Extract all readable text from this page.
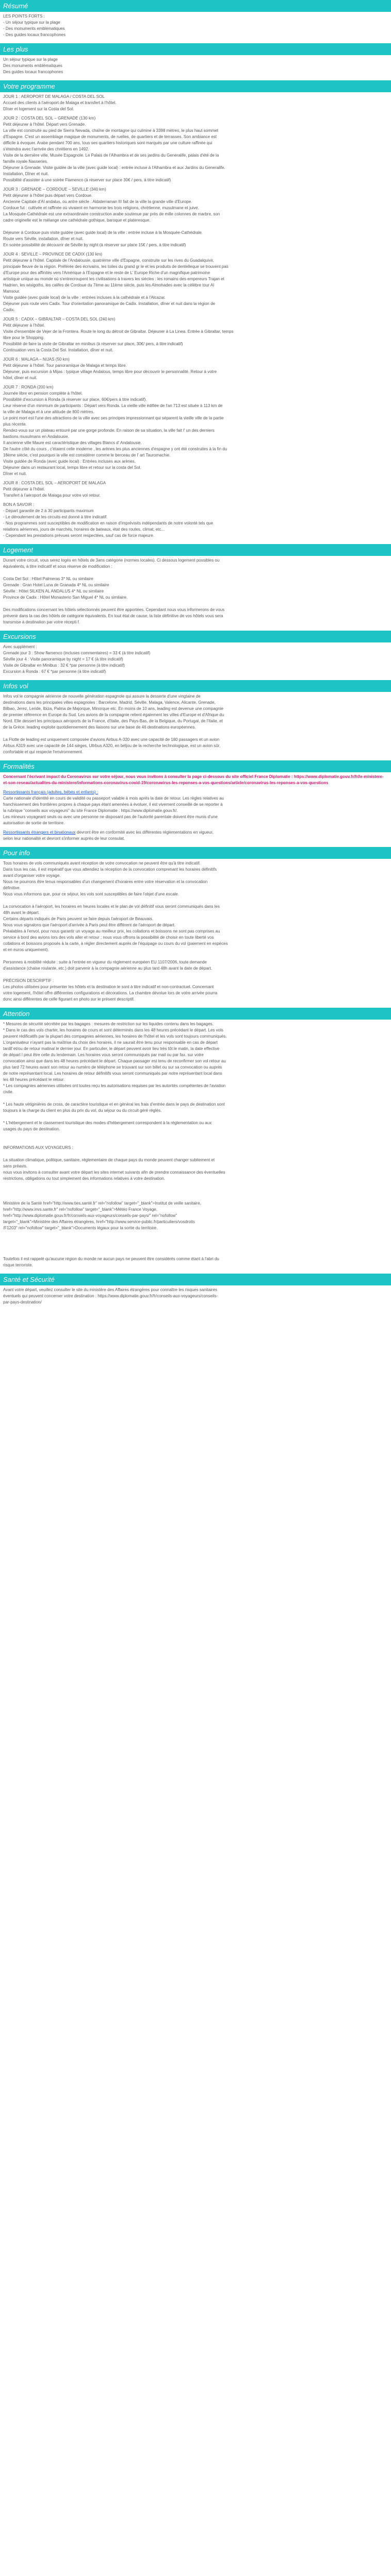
Résumé
LES POINTS FORTS :
- Un séjour typique sur la plage
- Des monuments emblématiques
- Des guides locaux francophones
Les plus
Un séjour typique sur la plage
Des monuments emblématiques
Des guides locaux francophones
Votre programme

JOUR 1 : AEROPORT DE MALAGA / COSTA DEL SOL
Accueil des clients à l'aéroport de Malaga et transfert à l'hôtel.
Dîner et logement sur la Costa del Sol.

JOUR 2 : COSTA DEL SOL – GRENADE (130 km)
Petit déjeuner à l'hôtel. Départ vers Grenade.
La ville est construite au pied de Sierra Nevada, chaîne de montagne qui culmine à 3398 mètres, le plus haut sommet
d'Espagne. C'est un assemblage magique de monuments, de ruelles, de quartiers et de terrasses. Son ambiance est
difficile à évoquer. Arabe pendant 700 ans, tous ses quartiers historiques sont marqués par une culture raffinée qui
s'éteindra avec l'arrivée des chrétiens en 1492.
Visite de la dernière ville, Musée Espagnole. Le Palais de l'Alhambra et de ses jardins du Generalife, palais d'été de la
famille royale Nasseries.
Déjeuner à Grenade. Visite guidée de la ville (avec guide local) : entrée incluse à l'Alhambra et aux Jardins du Generalife.
Installation, Dîner et nuit.
Possibilité d'assister à une soirée Flamenco (à réserver sur place 30€ / pers, à titre indicatif)

JOUR 3 : GRENADE – CORDOUE – SEVILLE (340 km)
Petit déjeuner à l'hôtel puis départ vers Cordoue.
Ancienne Capitale d'Al andalus, ou antre siècle : Aldaterraman III fait de la ville la grande ville d'Europe.
Cordoue fut : cultivée et raffinée où vivaient en harmonie les trois religions, chrétienne, musulmane et juive.
La Mosquée-Cathédrale est une extraordinaire construction arabe soutenue par près de mille colonnes de marbre, son
cadre originelle est le mélange une cathédrale gothique, baroque et plateresque.

Déjeuner à Cordoue puis visite guidée (avec guide local) de la ville : entrée incluse à la Mosquée-Cathédrale.
Route vers Séville, installation, dîner et nuit.
En soirée possibilité de découvrir de Séville by night (à réserver sur place 15€ / pers, à titre indicatif)

JOUR 4 : SEVILLE – PROVINCE DE CADIX (130 km)
Petit déjeuner à l'hôtel. Capitale de l'Andalousie, quatrième ville d'Espagne, construite sur les rives du Guadalquivir,
principale fleuve de la région. Préférée des écrivains, les toiles du grand gr le et les produits de dentelleque se trouvent pas
d'Europe pour des affinités vers l'Amérique à l'Espagne et le reste de L' Europe Riche d'un magnifique patrimoine
artistique unique au monde où s'entrecroupent les civilisations à travers les siècles : les romains des empereurs Trajan et
Hadrien, les wisigoths, les califes de Cordoue du 7ème au 11ème siècle, puis les Almohades avec la célèbre tour Al
Mansour.
Visite guidée (avec guide local) de la ville : entrées incluses à la cathédrale et à l'Alcazar.
Déjeuner puis route vers Cadix. Tour d'orientation panoramique de Cadix. Installation, dîner et nuit dans la région de
Cadix.

JOUR 5 : CADIX – GIBRALTAR – COSTA DEL SOL (240 km)
Petit déjeuner à l'hôtel.
Visite d'ensemble de Vejer de la Frontera. Route le long du détroit de Gibraltar. Déjeuner à La Linea. Entrée à Gibraltar, temps
libre pour le Shopping.
Possibilité de faire la visite de Gibraltar en minibus (à réserver sur place, 30€/ pers, à titre indicatif)
Continuation vers la Costa Del Sol. Installation, dîner et nuit.

JOUR 6 : MALAGA – NIJAS (50 km)
Petit déjeuner à l'hôtel. Tour panoramique de Malaga et temps libre.
Déjeuner, puis excursion à Mijas : typique village Andalous, temps libre pour découvrir le personnalité. Retour à votre
hôtel, dîner et nuit.

JOUR 7 : RONDA (200 km)
Journée libre en pension complète à l'hôtel.
Possibilité d'excursion à Ronda (à réserver sur place, 60€/pers à titre indicatif).
Leur réserve d'un minimum de participants : Départ vers Ronda. La vieille ville édifiée de l'an 713 est située à 113 km de
la ville de Malaga et à une altitude de 800 mètres.
Le point mort est l'une des attractions de la ville avec ses principes impressionnant qui séparent la vieille ville de la partie
plus récente.
Rendez-vous sur un plateau entouré par une gorge profonde. En raison de sa situation, la ville fait l' un des derniers
bastions musulmans en Andalousie.
Il ancienne ville Maure est caractéristique des villages Blancs d' Andalousie.
De l'autre côté du cours , c'étaient celle moderne , les arènes les plus anciennes d'espagne y ont été construites à la fin du
18ème siècle, c'est pourquoi la ville est considérer comme le berceau de l' art Tauromachie.
Visite guidée de Ronda (avec guide local) : Entrées incluses aux arènes.
Déjeuner dans un restaurant local, temps libre et retour sur la costa del Sol.
Dîner et nuit.

JOUR 8 : COSTA DEL SOL – AEROPORT DE MALAGA
Petit déjeuner à l'hôtel.
Transfert à l'aéroport de Malaga pour votre vol retour.

BON A SAVOIR :
- Départ garantie de 2 à 30 participants maximum
- Le déroulement de les circuits est donné à titre indicatif.
- Nos programmes sont susceptibles de modification en raison d'imprévisits indépendants de notre volonté tels que
relations aériennes, jours de marchés, horaires de bateaux, état des routes, climat, etc...
- Cependant les prestations prévues seront respectées, sauf cas de force majeure.

Logement
Durant votre circuit, vous serez logés en hôtels de 3ans catégorie (normes locales). Ci dessous logement possibles ou
équivalents, à titre indicatif et sous réserve de modification :

Costa Del Sol : Hôtel Palmeras 3* NL ou similaire
Grenade : Gran Hotel Luna de Granada 4* NL ou similaire
Séville : Hôtel SILKEN AL ANDALUS 4* NL ou similaire
Province de Cadix : Hôtel Monasterio San Miguel 4* NL ou similaire.

Des modifications concernant les hôtels sélectionnés peuvent être apportées. Cependant nous vous informerons de vous
prévenir dans la cas des hôtels de catégorie équivalents. En tout état de cause, la liste définitive de vos hôtels vous sera
transmise à destination par votre récepti f.
Excursions
Avec supplément :
Grenade jour 3 : Show flamenco (incluses commentaires) = 33 € (à titre indicatif)
Séville jour 4 : Visite panoramique by night = 17 € (à titre indicatif)
Visite de Gibraltar en Minibus : 32 € *par personne (à titre indicatif)
Excursion à Ronda : 67 € *par personne (à titre indicatif)
Infos vol
Infos vol le compagnie aérienne de nouvelle génération espagnole qui assure la desserte d'une vingtaine de
destinations dans les principales villes espagnoles : Barcelone, Madrid, Séville, Malaga, Valence, Alicante, Grenade,
Bilbao, Jerez, Leride, Ibiza, Palma de Majorque, Minorque etc. En moins de 10 ans, leading est devenue une compagnie
de premier référence en Europe du Sud. Les avions de la compagnie relient également les villes d'Europe et d'Afrique du
Nord. Elle dessert les principaux aéroports de la France, d'Italie, des Pays-Bas, de la Belgique, du Portugal, de l'Italie, et
de la Grèce. leading exploite quotidiennement des liaisons sur une base de 46 destinations européennes.

La Flotte de leading est uniquement composée d'avions Airbus A-320 avec une capacité de 180 passagers et un avion
Airbus A319 avec une capacité de 144 sièges, Ultrbus A320, en béljou de la recherche technologique, est un avion sûr,
confortable et qui respecte l'environnement.
Formalités

Concernant l'écrivant impact du Coronavirus sur votre séjour, nous vous invitons à consulter la page ci-dessous du site officiel France Diplomatie : https://www.diplomatie.gouv.fr/fr/le-ministere-et-son-reseau/actualites-du-ministere/informations-coronavirus-covid-19/coronavirus-les-reponses-a-vos-questions/article/coronavirus-les-reponses-a-vos-questions

Ressortissants français (adultes, bébés et enfants) :
Carte nationale d'identité en cours de validité ou passeport valable à mois après la date de retour. Les règles relatives au
franchissement des frontières propres à chaque pays étant amenées à évoluer, il est vivement conseillé de se reporter à
la rubrique "conseils aux voyageurs" du site France Diplomatie : https://www.diplomatie.gouv.fr/.
Les mineurs voyageant seuls ou avec une personne ne disposant pas de l'autorité parentale doivent être munis d'une
autorisation de sortie de territoire.
Ressortissants étrangers et binationaux devront être en conformité avec les différentes réglementations en vigueur,
selon leur nationalité et devront s'informer auprès de leur consulat.
Pour info
Tous horaires de vols communiqués avant réception de votre convocation ne peuvent être qu'à titre indicatif.
Dans tous les cas, il est impératif que vous attendiez la réception de la convocation comprenant les horaires définitifs
avant d'organiser votre voyage.
Nous ne pourrons être tenus responsables d'un changement d'horaires entre votre réservation et la convocation
définitive.
Nous vous informons que, pour ce séjour, les vols sont susceptibles de faire l'objet d'une escale.

La convocation à l'aéroport, les horaires en heures locales et le plan de vol définitif vous seront communiqués dans les
48h avant le départ.
Certains départs indiqués de Paris peuvent se faire depuis l'aéroport de Beauvais.
Nous vous signalons que l'aéroport d'arrivée à Paris peut être différent de l'aéroport de départ.
Préalables à l'envol, pour nous garantir un voyage au meilleur prix, les collations et boissons ne sont pas comprises au
service à bord des avions lors des vols aller et retour ; nous vous offrons la possibilité de choisir en toute liberté vos
collations et boissons proposés à la carte, à régler directement auprès de l'équipage ou cours du vol (paiement en espèces
et en euros uniquement).

Personnes à mobilité réduite : suite à l'entrée en vigueur du règlement européen EU 1107/2006, toute demande
d'assistance (chaise roulante, etc.) doit parvenir à la compagnie aérienne au plus tard 48h avant la date de départ.

PRÉCISION DESCRIPTIF :
Les photos utilisées pour présenter les hôtels et la destination le sont à titre indicatif et non-contractuel. Concernant
votre logement, l'hôtel offre différentes configurations et décorations. La chambre dévolue lors de votre arrivée pourra
donc ainsi différentes de celle figurant en photo sur le présent descriptif.
Attention
* Mesures de sécurité sécrétée par les bagages : mesures de restriction sur les liquides contenu dans les bagages.
* Dans le cas des vols charter, les horaires de cours et sont déterminés dans les 48 heures précédant le départ. Les vols
peuvent rédificatifs par la plupart des compagnies aériennes, les horaires de l'hôtel et les vols sont toujours communiqués.
L'organisateur n'ayant pas la maîtrise du choix des horaires, il ne saurait être tenu pour responsable en cas de départ
tardif et/ou de retour matinal le dernier jour. En particulier, le départ peuvent avoir lieu très tôt le matin, la date effective
de départ l peut être celle du lendemain. Les horaires vous seront communiqués par mail ou par fax. sur votre
convocation ainsi que dans les 48 heures précédant le départ. Chaque passager est tenu de reconfirmer son vol retour au
plus tard 72 heures avant son retour au numéro de téléphone se trouvant sur son billet ou sur sa convocation ou auprès
de notre représentant local. Les horaires de retour définitifs vous seront communiqués par notre représentant local dans
les 48 heures précédant le retour.
* Les compagnies aériennes utilisées ont toutes reçu les autorisations requises par les autorités compétentes de l'aviation
civile.

* Les haute vétiginières de cross, de caractère touristique et en général les frais d'entrée dans le pays de destination sont
toujours à la charge du client en plus du prix du vol, du séjour ou du circuit géré réglés.

* L'hébergement et le classement touristique des modes d'hébergement correspondent à la réglementation ou aux
usages du pays de destination.

INFORMATIONS AUX VOYAGEURS :

La situation climatique, politique, sanitaire, réglementaire de chaque pays du monde peuvent changer subitement et
sans préavis.
nous vous invitons à consulter avant votre départ les sites internet suivants afin de prendre connaissance des éventuelles
restrictions, obligations ou tout simplement des informations relatives à votre destination.

Ministère de la Santé href="http://www.ties.santé.fr" rel="nofollow" target="_blank">Institut de veille sanitaire,
href="http://www.invs.sante.fr" rel="nofollow" target="_blank">Météo France Voyage,
href="http://www.diplomatie.gouv.fr/fr/conseils-aux-voyageurs/conseils-par-pays/" rel="nofollow"
target="_blank">Ministère des Affaires étrangères, href="http://www.service-public.fr/particuliers/vosdroits
/F1203" rel="nofollow" target="_blank">Documents légaux pour la sortie du territoire.

Toutefois il est rappelé qu'aucune région du monde ne aucun pays ne peuvent être considérés comme étant à l'abri du
risque terroriste.
Santé et Sécurité
Avant votre départ, veuillez consulter le site du ministère des Affaires étrangères pour connaître les risques sanitaires
éventuels qui peuvent concerner votre destination : https://www.diplomatie.gouv.fr/fr/conseils-aux-voyageurs/conseils-
par-pays-destination/
